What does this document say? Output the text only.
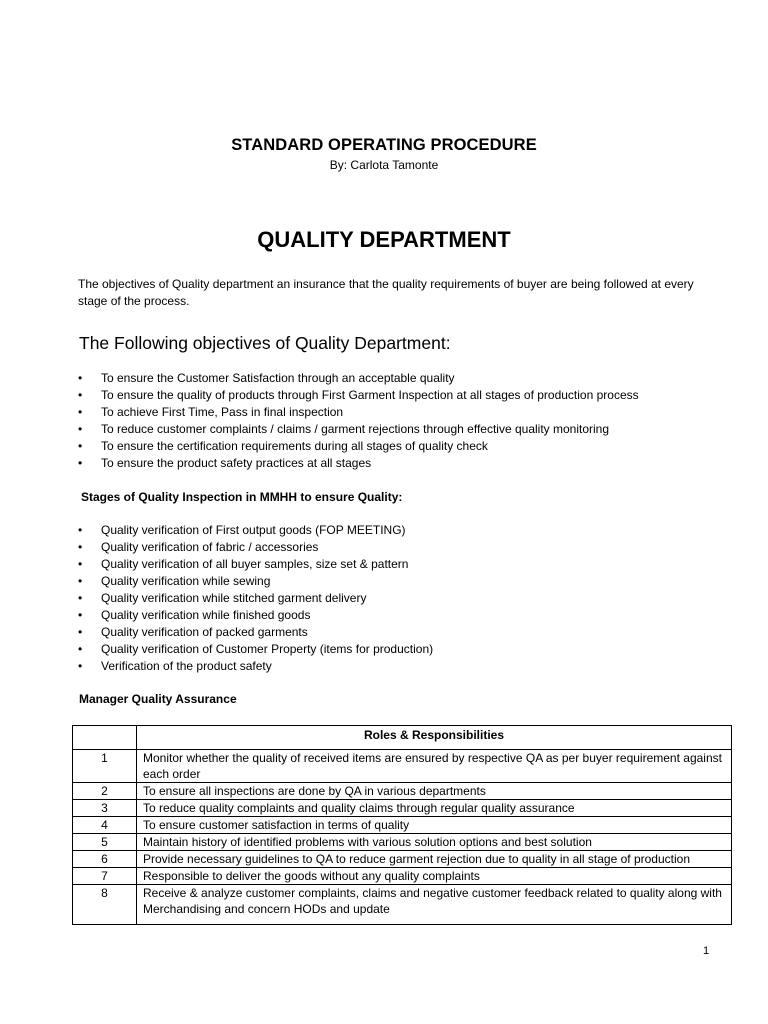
STANDARD OPERATING PROCEDURE
By: Carlota Tamonte
QUALITY DEPARTMENT
The objectives of Quality department an insurance that the quality requirements of buyer are being followed at every stage of the process.
The Following objectives of Quality Department:
• To ensure the Customer Satisfaction through an acceptable quality
• To ensure the quality of products through First Garment Inspection at all stages of production process
• To achieve First Time, Pass in final inspection
• To reduce customer complaints / claims / garment rejections through effective quality monitoring
• To ensure the certification requirements during all stages of quality check
• To ensure the product safety practices at all stages
Stages of Quality Inspection in MMHH to ensure Quality:
• Quality verification of First output goods (FOP MEETING)
• Quality verification of fabric / accessories
• Quality verification of all buyer samples, size set & pattern
• Quality verification while sewing
• Quality verification while stitched garment delivery
• Quality verification while finished goods
• Quality verification of packed garments
• Quality verification of Customer Property (items for production)
• Verification of the product safety
Manager Quality Assurance
	Roles & Responsibilities
1	Monitor whether the quality of received items are ensured by respective QA as per buyer requirement against each order
2	To ensure all inspections are done by QA in various departments
3	To reduce quality complaints and quality claims through regular quality assurance
4	To ensure customer satisfaction in terms of quality
5	Maintain history of identified problems with various solution options and best solution
6	Provide necessary guidelines to QA to reduce garment rejection due to quality in all stage of production
7	Responsible to deliver the goods without any quality complaints
8	Receive & analyze customer complaints, claims and negative customer feedback related to quality along with Merchandising and concern HODs and update
1
